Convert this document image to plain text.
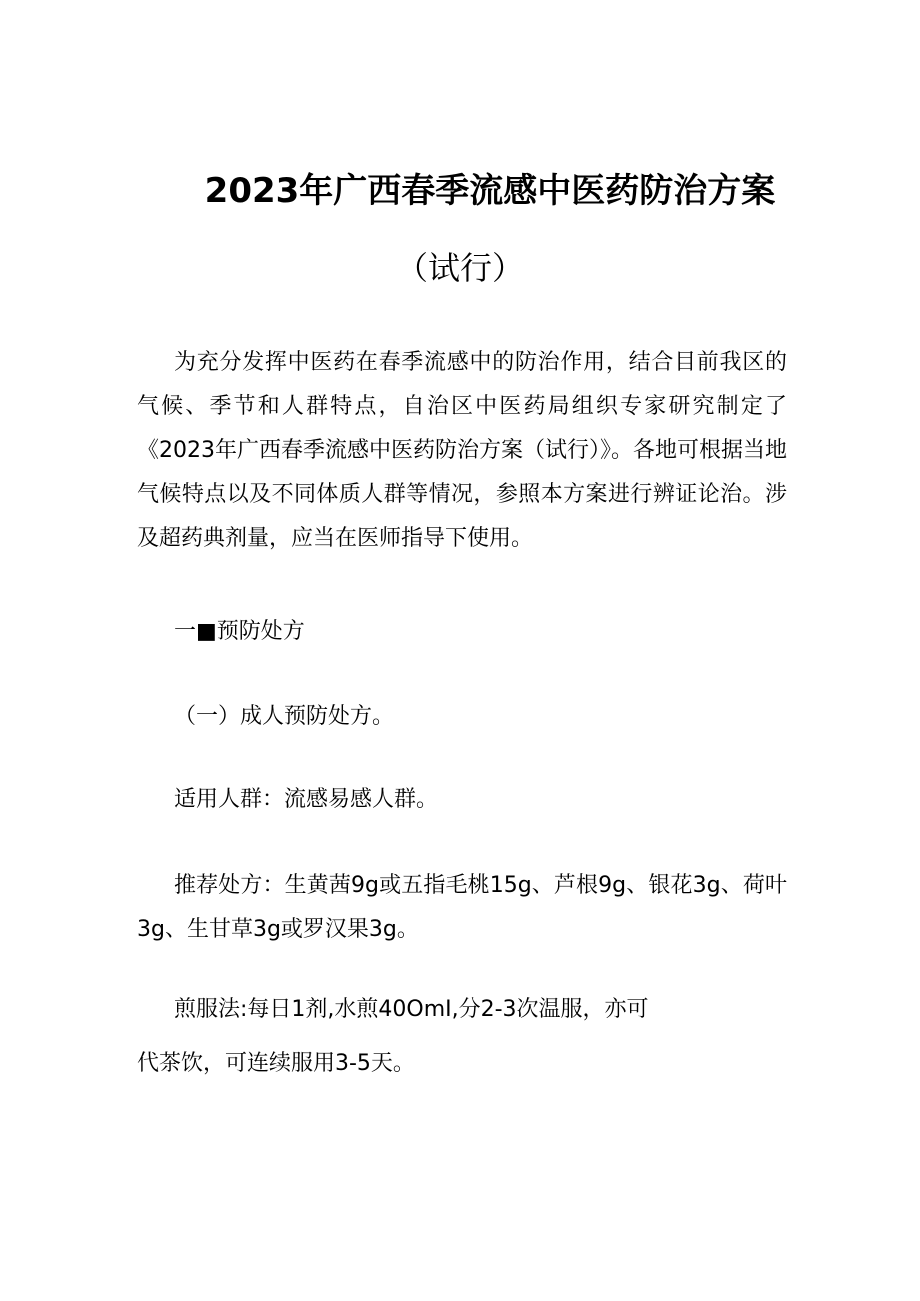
2023年广西春季流感中医药防治方案
（试行）

为充分发挥中医药在春季流感中的防治作用，结合目前我区的气候、季节和人群特点，自治区中医药局组织专家研究制定了《2023年广西春季流感中医药防治方案（试行）》。各地可根据当地气候特点以及不同体质人群等情况，参照本方案进行辨证论治。涉及超药典剂量，应当在医师指导下使用。

一■预防处方

（一）成人预防处方。

适用人群：流感易感人群。

推荐处方：生黄茜9g或五指毛桃15g、芦根9g、银花3g、荷叶3g、生甘草3g或罗汉果3g。

煎服法:每日1剂,水煎40OmI,分2-3次温服，亦可

代茶饮，可连续服用3-5天。
